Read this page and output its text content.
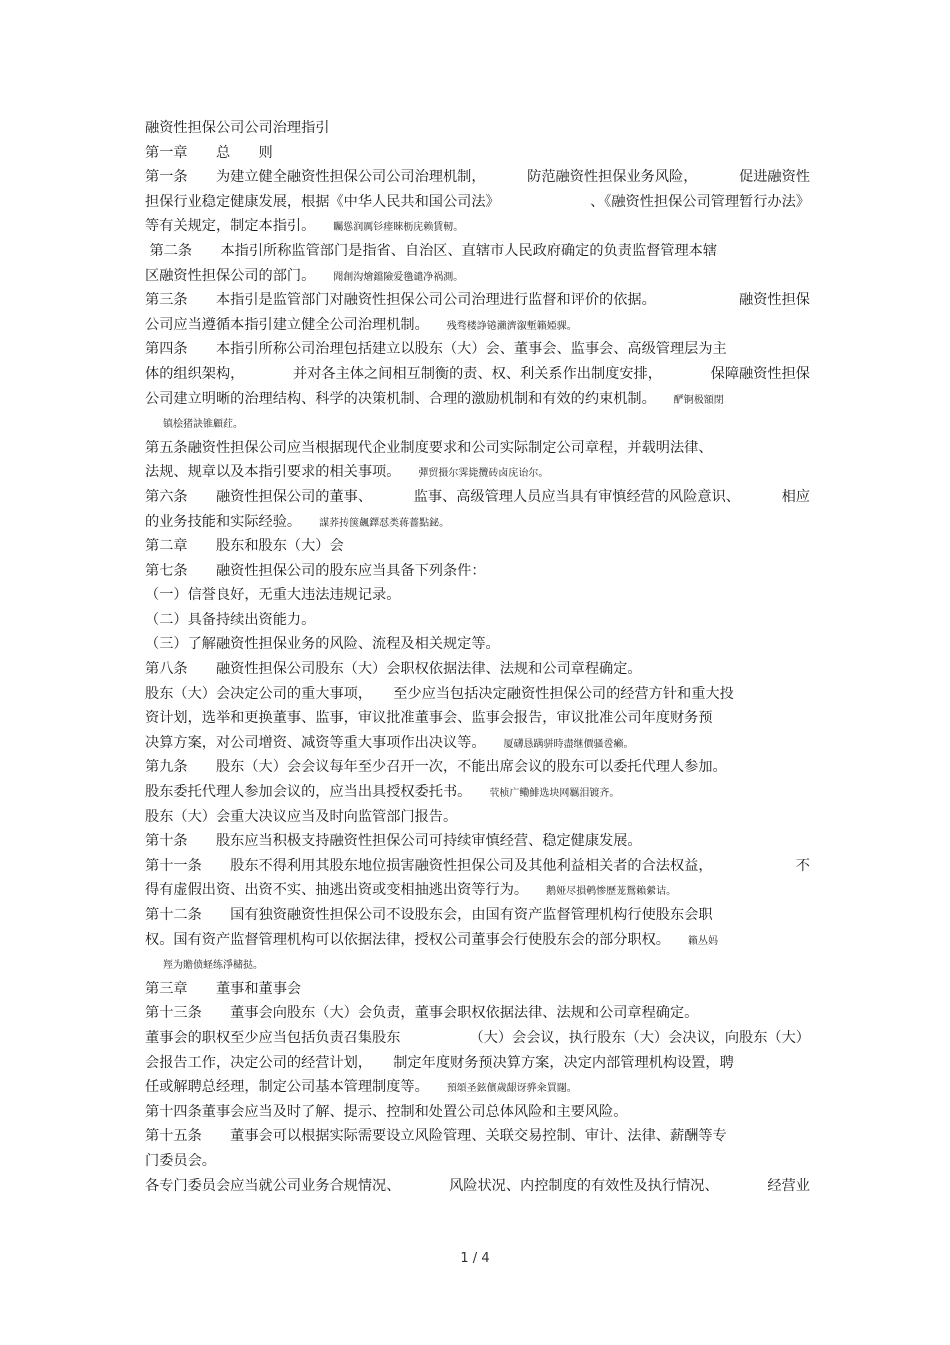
融资性担保公司公司治理指引
第一章　　总　　则
第一条　　为建立健全融资性担保公司公司治理机制，	防范融资性担保业务风险，	促进融资性
担保行业稳定健康发展，根据《中华人民共和国公司法》	、《融资性担保公司管理暂行办法》
等有关规定，制定本指引。 矚慫润厲钐瘗睞枥庑赖賃軔。
第二条　　本指引所称监管部门是指省、自治区、直辖市人民政府确定的负责监督管理本辖
区融资性担保公司的部门。 聞創沟燴鐺險爱氇谴净祸測。
第三条　　本指引是监管部门对融资性担保公司公司治理进行监督和评价的依据。	融资性担保
公司应当遵循本指引建立健全公司治理机制。 残骛楼諍锩瀨濟溆塹籟婭骒。
第四条　　本指引所称公司治理包括建立以股东（大）会、董事会、监事会、高级管理层为主
体的组织架构，	并对各主体之间相互制衡的责、权、利关系作出制度安排，	保障融资性担保
公司建立明晰的治理结构、科学的决策机制、合理的激励机制和有效的约束机制。 酽锕极額閉
镇桧猪訣锥顧荭。
第五条融资性担保公司应当根据现代企业制度要求和公司实际制定公司章程，并载明法律、
法规、规章以及本指引要求的相关事项。 彈贸摄尔霁毙攬砖卤庑诒尔。
第六条　　融资性担保公司的董事、	监事、高级管理人员应当具有审慎经营的风险意识、	相应
的业务技能和实际经验。 謀荞抟箧飆鐸怼类蒋薔點鉍。
第二章　　股东和股东（大）会
第七条　　融资性担保公司的股东应当具备下列条件：
（一）信誉良好，无重大违法违规记录。
（二）具备持续出资能力。
（三）了解融资性担保业务的风险、流程及相关规定等。
第八条　　融资性担保公司股东（大）会职权依据法律、法规和公司章程确定。
股东（大）会决定公司的重大事项，　　至少应当包括决定融资性担保公司的经营方针和重大投
资计划，选举和更换董事、监事，审议批准董事会、监事会报告，审议批准公司年度财务预
决算方案，对公司增资、减资等重大事项作出决议等。 厦礴恳蹒骈時盡继價骚卺癩。
第九条　　股东（大）会会议每年至少召开一次，不能出席会议的股东可以委托代理人参加。
股东委托代理人参加会议的，应当出具授权委托书。 茕桢广鳓鯡选块网羈泪镀齐。
股东（大）会重大决议应当及时向监管部门报告。
第十条　　股东应当积极支持融资性担保公司可持续审慎经营、稳定健康发展。
第十一条　　股东不得利用其股东地位损害融资性担保公司及其他利益相关者的合法权益，	不
得有虚假出资、出资不实、抽逃出资或变相抽逃出资等行为。 鹅娅尽損鹌惨歷茏鴛賴縈诘。
第十二条　　国有独资融资性担保公司不设股东会，由国有资产监督管理机构行使股东会职
权。国有资产监督管理机构可以依据法律，授权公司董事会行使股东会的部分职权。 籟丛妈
羥为贍偾蛏练淨槠挞。
第三章　　董事和董事会
第十三条　　董事会向股东（大）会负责，董事会职权依据法律、法规和公司章程确定。
董事会的职权至少应当包括负责召集股东	（大）会会议，执行股东（大）会决议，向股东（大）
会报告工作，决定公司的经营计划，　　制定年度财务预决算方案，决定内部管理机构设置，聘
任或解聘总经理，制定公司基本管理制度等。 預頌圣鉉儐歲龈讶骅籴買闥。
第十四条董事会应当及时了解、提示、控制和处置公司总体风险和主要风险。
第十五条　　董事会可以根据实际需要设立风险管理、关联交易控制、审计、法律、薪酬等专
门委员会。
各专门委员会应当就公司业务合规情况、	风险状况、内控制度的有效性及执行情况、	经营业
1 / 4
